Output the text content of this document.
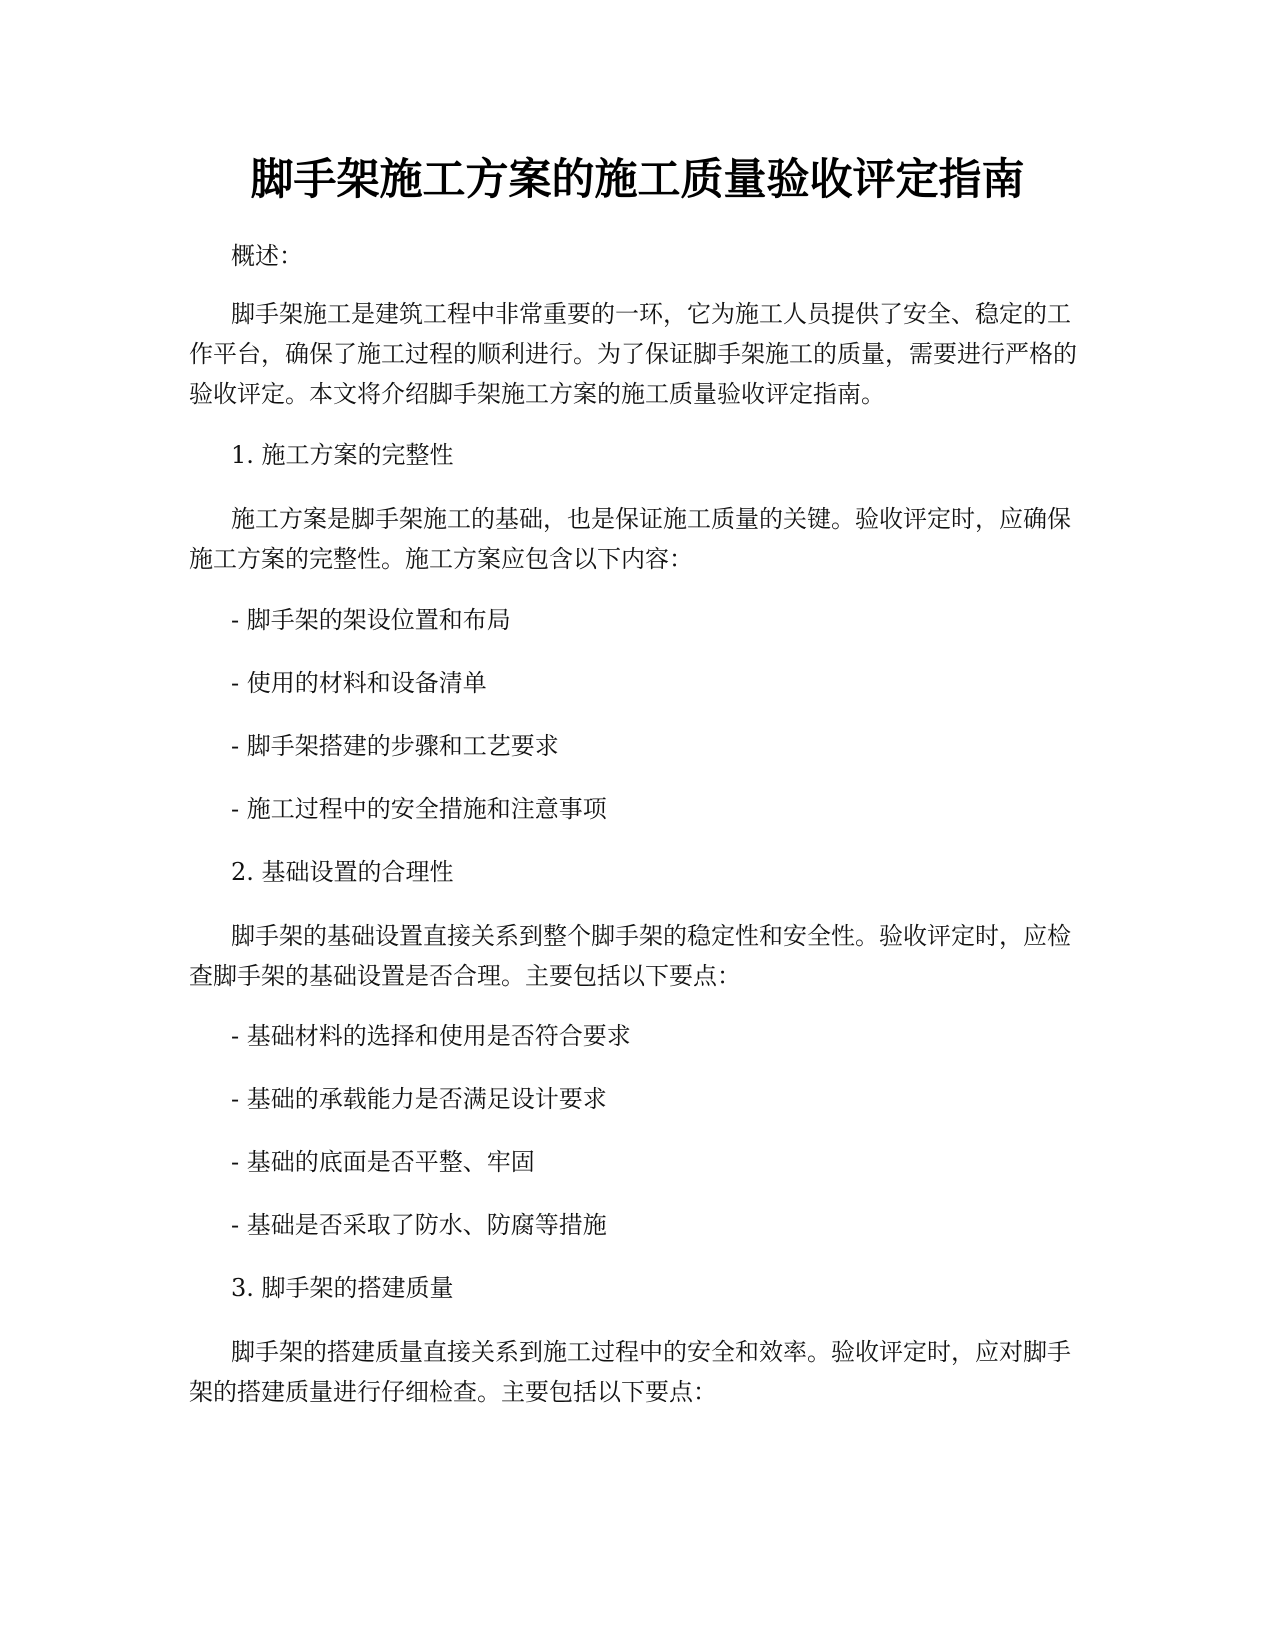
脚手架施工方案的施工质量验收评定指南

概述：

脚手架施工是建筑工程中非常重要的一环，它为施工人员提供了安全、稳定的工作平台，确保了施工过程的顺利进行。为了保证脚手架施工的质量，需要进行严格的验收评定。本文将介绍脚手架施工方案的施工质量验收评定指南。

1. 施工方案的完整性

施工方案是脚手架施工的基础，也是保证施工质量的关键。验收评定时，应确保施工方案的完整性。施工方案应包含以下内容：

- 脚手架的架设位置和布局

- 使用的材料和设备清单

- 脚手架搭建的步骤和工艺要求

- 施工过程中的安全措施和注意事项

2. 基础设置的合理性

脚手架的基础设置直接关系到整个脚手架的稳定性和安全性。验收评定时，应检查脚手架的基础设置是否合理。主要包括以下要点：

- 基础材料的选择和使用是否符合要求

- 基础的承载能力是否满足设计要求

- 基础的底面是否平整、牢固

- 基础是否采取了防水、防腐等措施

3. 脚手架的搭建质量

脚手架的搭建质量直接关系到施工过程中的安全和效率。验收评定时，应对脚手架的搭建质量进行仔细检查。主要包括以下要点：
